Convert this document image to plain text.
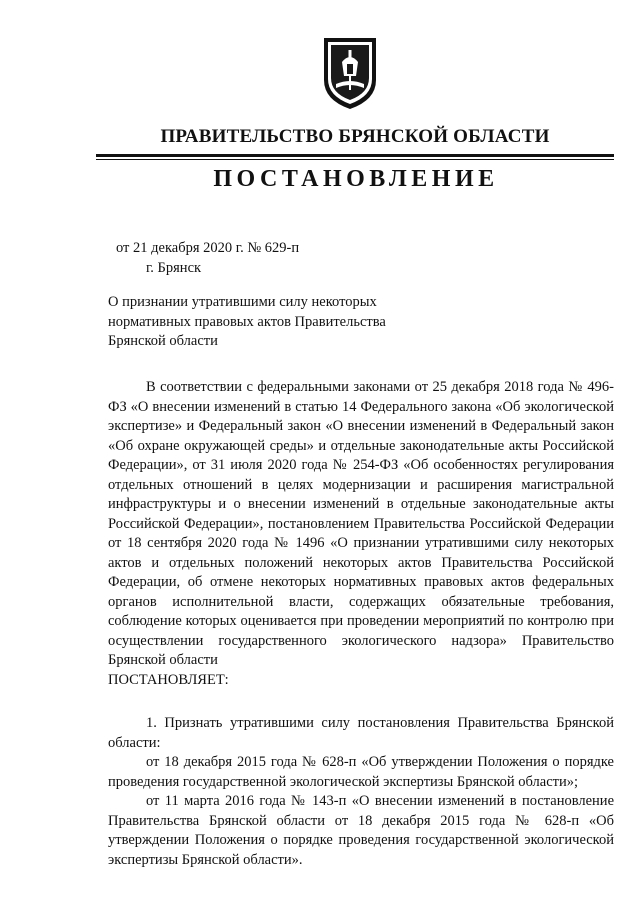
ПРАВИТЕЛЬСТВО БРЯНСКОЙ ОБЛАСТИ
ПОСТАНОВЛЕНИЕ
от 21 декабря 2020 г. № 629-п
г. Брянск
О признании утратившими силу некоторых
нормативных правовых актов Правительства
Брянской области

В соответствии с федеральными законами от 25 декабря 2018 года № 496-ФЗ «О внесении изменений в статью 14 Федерального закона «Об экологической экспертизе» и Федеральный закон «О внесении изменений в Федеральный закон «Об охране окружающей среды» и отдельные законодательные акты Российской Федерации», от 31 июля 2020 года № 254-ФЗ «Об особенностях регулирования отдельных отношений в целях модернизации и расширения магистральной инфраструктуры и о внесении изменений в отдельные законодательные акты Российской Федерации», постановлением Правительства Российской Федерации от 18 сентября 2020 года № 1496 «О признании утратившими силу некоторых актов и отдельных положений некоторых актов Правительства Российской Федерации, об отмене некоторых нормативных правовых актов федеральных органов исполнительной власти, содержащих обязательные требования, соблюдение которых оценивается при проведении мероприятий по контролю при осуществлении государственного экологического надзора» Правительство Брянской области

ПОСТАНОВЛЯЕТ:

1. Признать утратившими силу постановления Правительства Брянской области:

от 18 декабря 2015 года № 628-п «Об утверждении Положения о порядке проведения государственной экологической экспертизы Брянской области»;

от 11 марта 2016 года № 143-п «О внесении изменений в постановление Правительства Брянской области от 18 декабря 2015 года № 628-п «Об утверждении Положения о порядке проведения государственной экологической экспертизы Брянской области».
